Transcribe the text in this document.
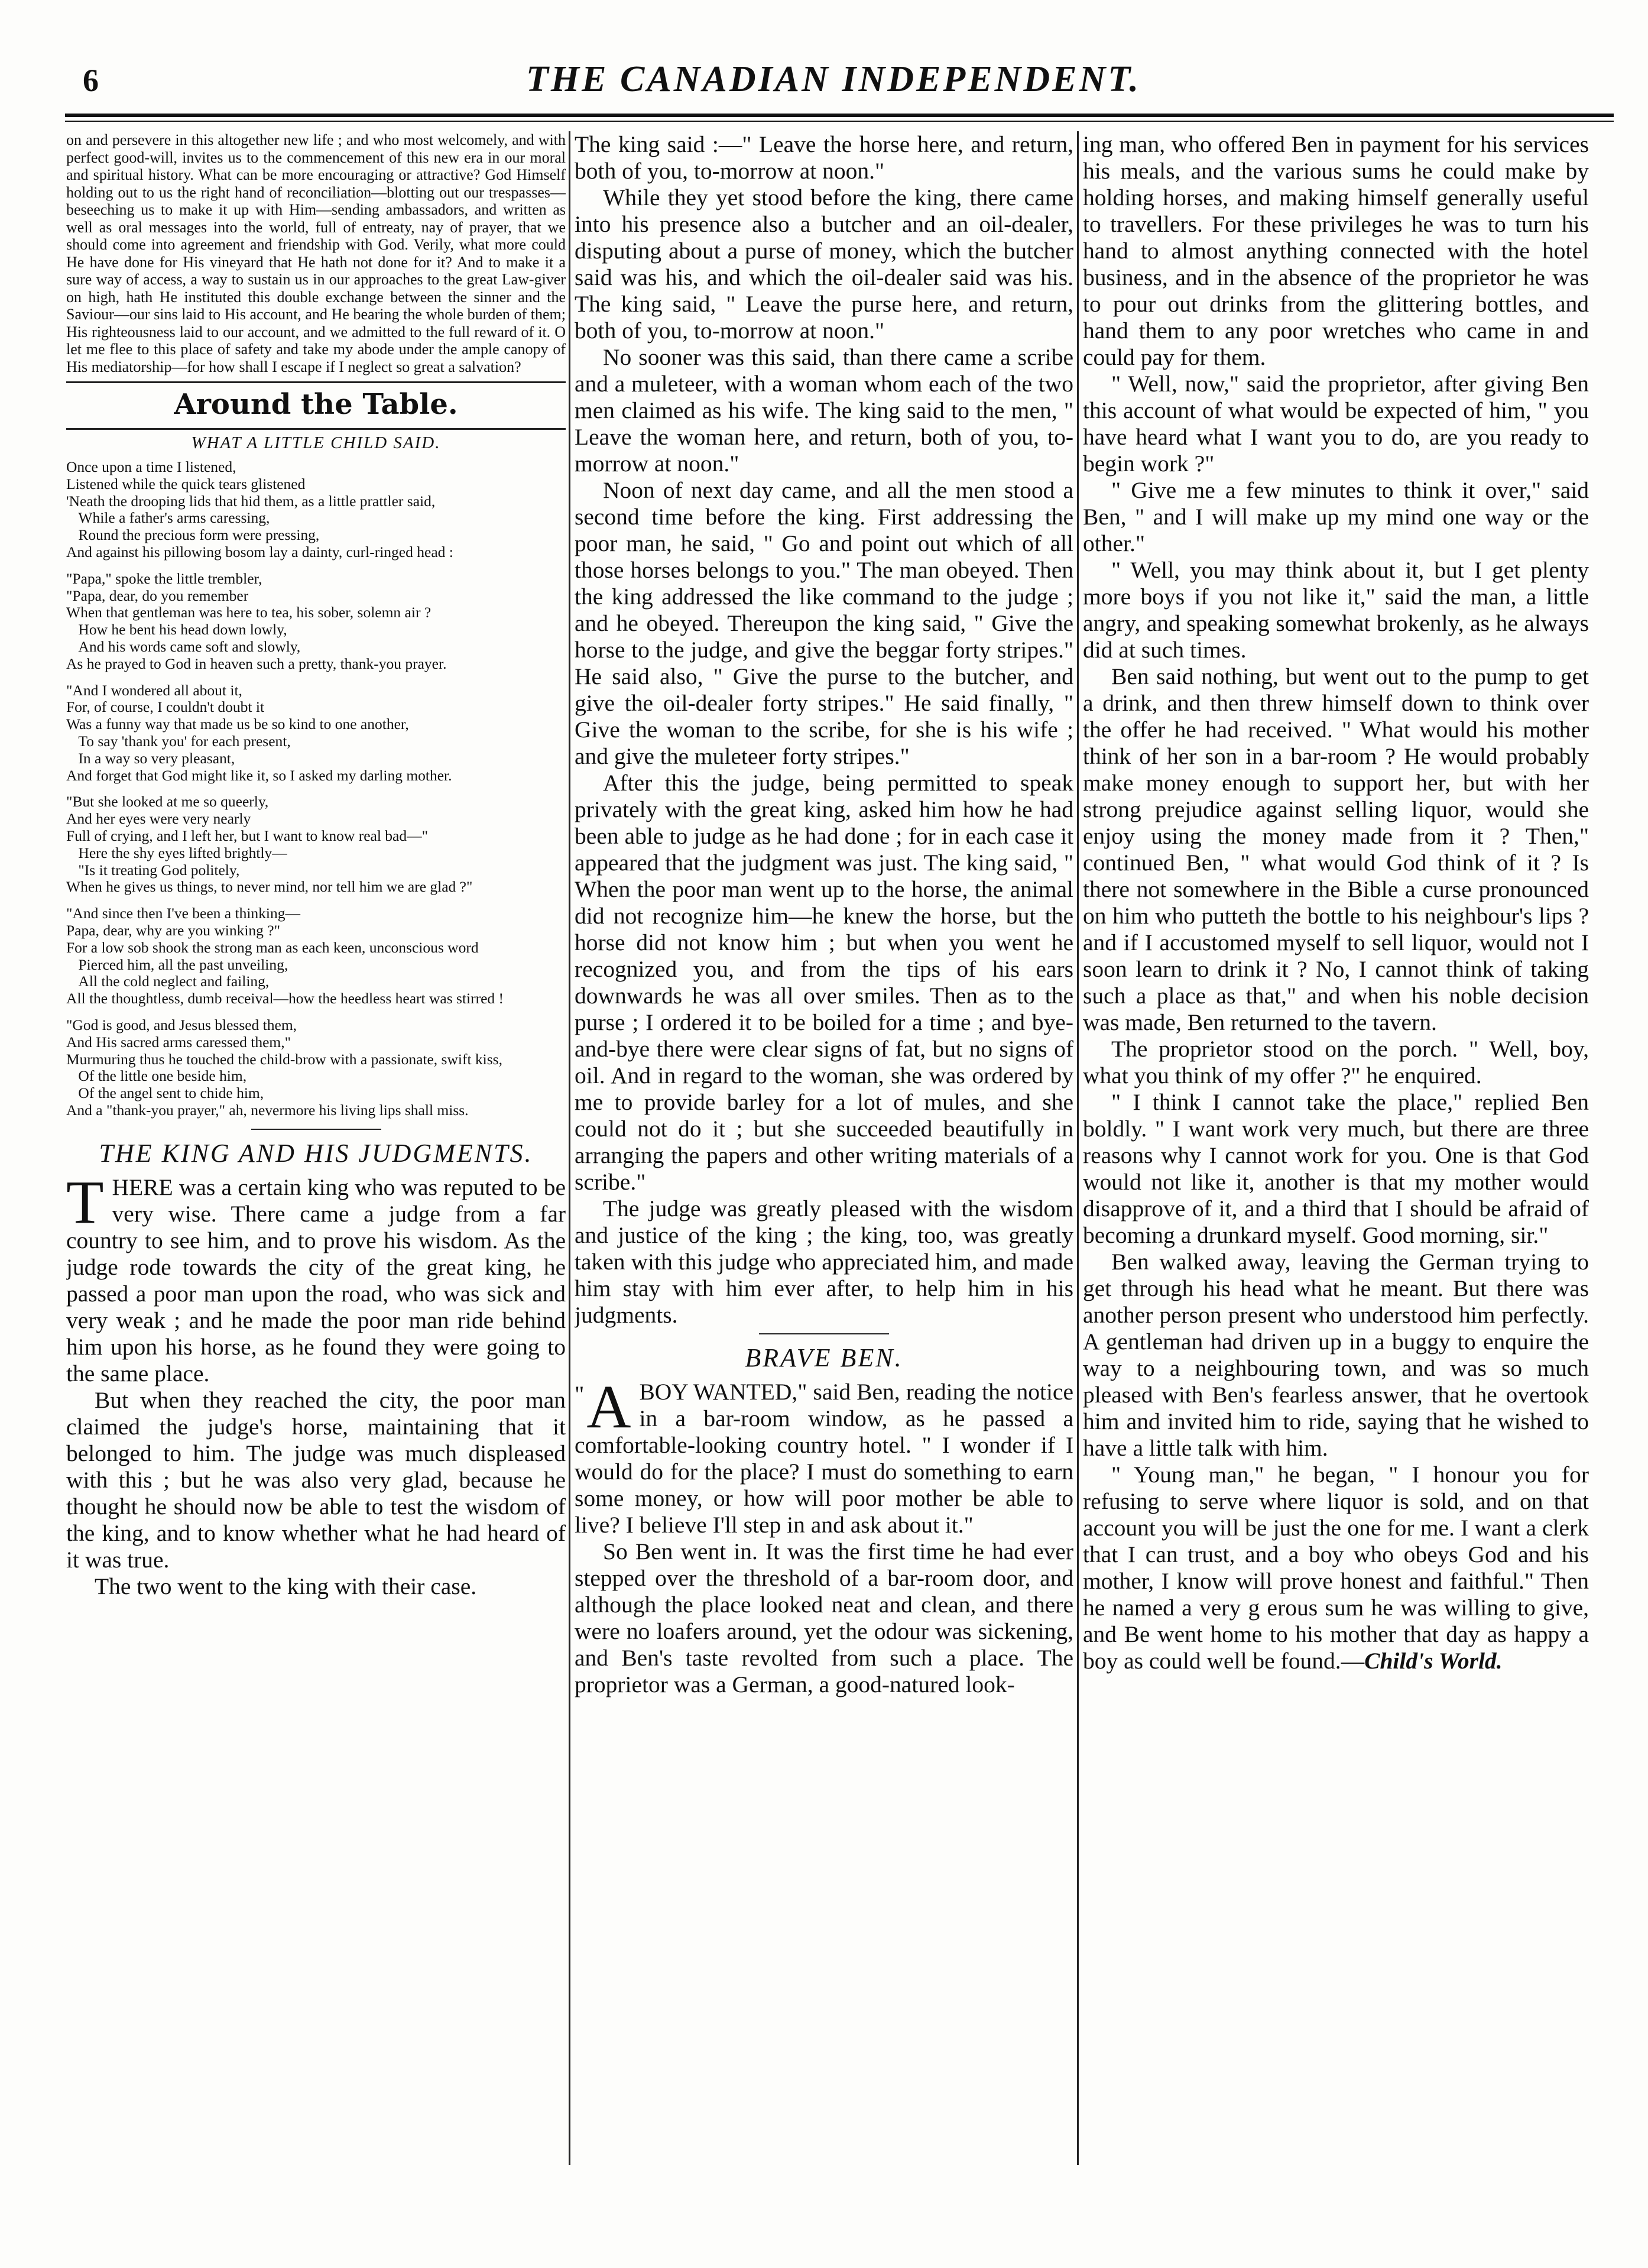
6	THE CANADIAN INDEPENDENT.

on and persevere in this altogether new life ; and who most welcomely, and with perfect good-will, invites us to the commencement of this new era in our moral and spiritual history. What can be more encouraging or attractive? God Himself holding out to us the right hand of reconciliation—blotting out our trespasses—beseeching us to make it up with Him—sending ambassadors, and written as well as oral messages into the world, full of entreaty, nay of prayer, that we should come into agreement and friendship with God. Verily, what more could He have done for His vineyard that He hath not done for it? And to make it a sure way of access, a way to sustain us in our approaches to the great Law-giver on high, hath He instituted this double exchange between the sinner and the Saviour—our sins laid to His account, and He bearing the whole burden of them; His righteousness laid to our account, and we admitted to the full reward of it. O let me flee to this place of safety and take my abode under the ample canopy of His mediatorship—for how shall I escape if I neglect so great a salvation?

Around the Table.
WHAT A LITTLE CHILD SAID.
Once upon a time I listened,
Listened while the quick tears glistened
'Neath the drooping lids that hid them, as a little prattler said,
While a father's arms caressing,
Round the precious form were pressing,
And against his pillowing bosom lay a dainty, curl-ringed head :
"Papa," spoke the little trembler,
"Papa, dear, do you remember
When that gentleman was here to tea, his sober, solemn air ?
How he bent his head down lowly,
And his words came soft and slowly,
As he prayed to God in heaven such a pretty, thank-you prayer.
"And I wondered all about it,
For, of course, I couldn't doubt it
Was a funny way that made us be so kind to one another,
To say 'thank you' for each present,
In a way so very pleasant,
And forget that God might like it, so I asked my darling mother.
"But she looked at me so queerly,
And her eyes were very nearly
Full of crying, and I left her, but I want to know real bad—"
Here the shy eyes lifted brightly—
"Is it treating God politely,
When he gives us things, to never mind, nor tell him we are glad ?"
"And since then I've been a thinking—
Papa, dear, why are you winking ?"
For a low sob shook the strong man as each keen, unconscious word
Pierced him, all the past unveiling,
All the cold neglect and failing,
All the thoughtless, dumb receival—how the heedless heart was stirred !
"God is good, and Jesus blessed them,
And His sacred arms caressed them,"
Murmuring thus he touched the child-brow with a passionate, swift kiss,
Of the little one beside him,
Of the angel sent to chide him,
And a "thank-you prayer," ah, nevermore his living lips shall miss.
THE KING AND HIS JUDGMENTS.

THERE was a certain king who was reputed to be very wise. There came a judge from a far country to see him, and to prove his wisdom. As the judge rode towards the city of the great king, he passed a poor man upon the road, who was sick and very weak ; and he made the poor man ride behind him upon his horse, as he found they were going to the same place.

But when they reached the city, the poor man claimed the judge's horse, maintaining that it belonged to him. The judge was much displeased with this ; but he was also very glad, because he thought he should now be able to test the wisdom of the king, and to know whether what he had heard of it was true.

The two went to the king with their case.

The king said :—" Leave the horse here, and return, both of you, to-morrow at noon."

While they yet stood before the king, there came into his presence also a butcher and an oil-dealer, disputing about a purse of money, which the butcher said was his, and which the oil-dealer said was his. The king said, " Leave the purse here, and return, both of you, to-morrow at noon."

No sooner was this said, than there came a scribe and a muleteer, with a woman whom each of the two men claimed as his wife. The king said to the men, " Leave the woman here, and return, both of you, to-morrow at noon."

Noon of next day came, and all the men stood a second time before the king. First addressing the poor man, he said, " Go and point out which of all those horses belongs to you." The man obeyed. Then the king addressed the like command to the judge ; and he obeyed. Thereupon the king said, " Give the horse to the judge, and give the beggar forty stripes." He said also, " Give the purse to the butcher, and give the oil-dealer forty stripes." He said finally, " Give the woman to the scribe, for she is his wife ; and give the muleteer forty stripes."

After this the judge, being permitted to speak privately with the great king, asked him how he had been able to judge as he had done ; for in each case it appeared that the judgment was just. The king said, " When the poor man went up to the horse, the animal did not recognize him—he knew the horse, but the horse did not know him ; but when you went he recognized you, and from the tips of his ears downwards he was all over smiles. Then as to the purse ; I ordered it to be boiled for a time ; and bye-and-bye there were clear signs of fat, but no signs of oil. And in regard to the woman, she was ordered by me to provide barley for a lot of mules, and she could not do it ; but she succeeded beautifully in arranging the papers and other writing materials of a scribe."

The judge was greatly pleased with the wisdom and justice of the king ; the king, too, was greatly taken with this judge who appreciated him, and made him stay with him ever after, to help him in his judgments.

BRAVE BEN.

" A BOY WANTED," said Ben, reading the notice in a bar-room window, as he passed a comfortable-looking country hotel. " I wonder if I would do for the place? I must do something to earn some money, or how will poor mother be able to live? I believe I'll step in and ask about it."

So Ben went in. It was the first time he had ever stepped over the threshold of a bar-room door, and although the place looked neat and clean, and there were no loafers around, yet the odour was sickening, and Ben's taste revolted from such a place. The proprietor was a German, a good-natured look-

ing man, who offered Ben in payment for his services his meals, and the various sums he could make by holding horses, and making himself generally useful to travellers. For these privileges he was to turn his hand to almost anything connected with the hotel business, and in the absence of the proprietor he was to pour out drinks from the glittering bottles, and hand them to any poor wretches who came in and could pay for them.

" Well, now," said the proprietor, after giving Ben this account of what would be expected of him, " you have heard what I want you to do, are you ready to begin work ?"

" Give me a few minutes to think it over," said Ben, " and I will make up my mind one way or the other."

" Well, you may think about it, but I get plenty more boys if you not like it," said the man, a little angry, and speaking somewhat brokenly, as he always did at such times.

Ben said nothing, but went out to the pump to get a drink, and then threw himself down to think over the offer he had received. " What would his mother think of her son in a bar-room ? He would probably make money enough to support her, but with her strong prejudice against selling liquor, would she enjoy using the money made from it ? Then," continued Ben, " what would God think of it ? Is there not somewhere in the Bible a curse pronounced on him who putteth the bottle to his neighbour's lips ? and if I accustomed myself to sell liquor, would not I soon learn to drink it ? No, I cannot think of taking such a place as that," and when his noble decision was made, Ben returned to the tavern.

The proprietor stood on the porch. " Well, boy, what you think of my offer ?" he enquired.

" I think I cannot take the place," replied Ben boldly. " I want work very much, but there are three reasons why I cannot work for you. One is that God would not like it, another is that my mother would disapprove of it, and a third that I should be afraid of becoming a drunkard myself. Good morning, sir."

Ben walked away, leaving the German trying to get through his head what he meant. But there was another person present who understood him perfectly. A gentleman had driven up in a buggy to enquire the way to a neighbouring town, and was so much pleased with Ben's fearless answer, that he overtook him and invited him to ride, saying that he wished to have a little talk with him.

" Young man," he began, " I honour you for refusing to serve where liquor is sold, and on that account you will be just the one for me. I want a clerk that I can trust, and a boy who obeys God and his mother, I know will prove honest and faithful." Then he named a very g erous sum he was willing to give, and Be went home to his mother that day as happy a boy as could well be found.—Child's World.
